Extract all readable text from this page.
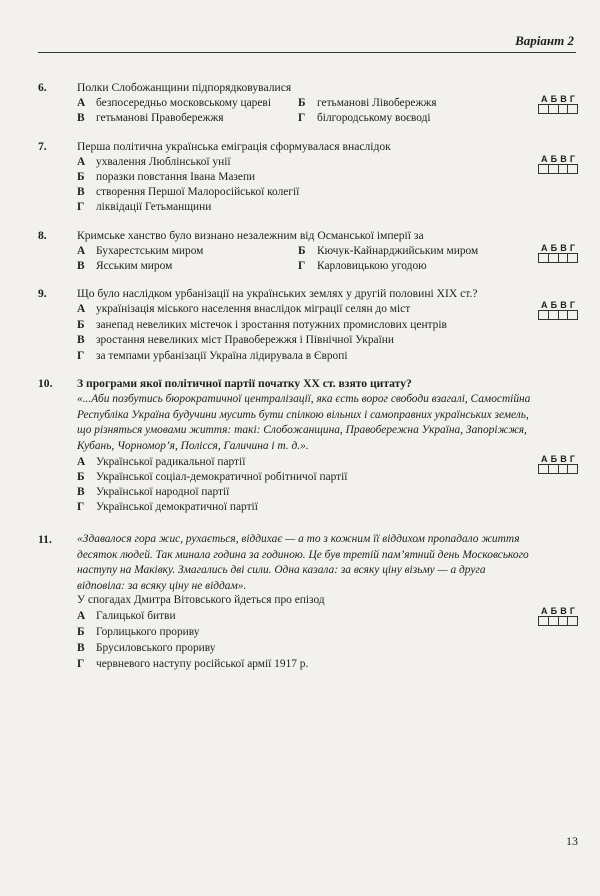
Варіант 2
6.	Полки Слобожанщини підпорядковувалися
А безпосередньо московському цареві Б гетьманові Лівобережжя
В гетьманові Правобережжя	Г білгородському воєводі
А Б В Г
7.	Перша політична українська еміграція сформувалася внаслідок
А ухвалення Люблінської унії
Б поразки повстання Івана Мазепи
В створення Першої Малоросійської колегії
Г ліквідації Гетьманщини
А Б В Г
8.	Кримське ханство було визнано незалежним від Османської імперії за
А Бухарестським миром	Б Кючук-Кайнарджийським миром
В Ясським миром	Г Карловицькою угодою
А Б В Г
9.	Що було наслідком урбанізації на українських землях у другій половині XIX ст.?
А українізація міського населення внаслідок міграції селян до міст
Б занепад невеликих містечок і зростання потужних промислових центрів
В зростання невеликих міст Правобережжя і Північної України
Г за темпами урбанізації Україна лідирувала в Європі
А Б В Г
10. З програми якої політичної партії початку XX ст. взято цитату?
«...Аби позбутись бюрократичної централізації, яка єсть ворог свободи взагалі, Самостійна
Республіка Україна будучини мусить бути спілкою вільних і самоправних українських земель,
що різняться умовами життя: такі: Слобожанщина, Правобережна Україна, Запоріжжя,
Кубань, Чорномор’я, Полісся, Галичина і т. д.».
А Української радикальної партії
Б Української соціал-демократичної робітничої партії
В Української народної партії
Г Української демократичної партії
А Б В Г
11. «Здавалося гора жис, рухається, віддихає — а то з кожним її віддихом пропадало життя
десяток людей. Так минала година за годиною. Це був третій пам’ятний день Московського
наступу на Маківку. Змагались дві сили. Одна казала: за всяку ціну візьму — а друга
відповіла: за всяку ціну не віддам».
У спогадах Дмитра Вітовського йдеться про епізод
А Галицької битви
Б Горлицького прориву
В Брусиловського прориву
Г червневого наступу російської армії 1917 р.
А Б В Г
13
